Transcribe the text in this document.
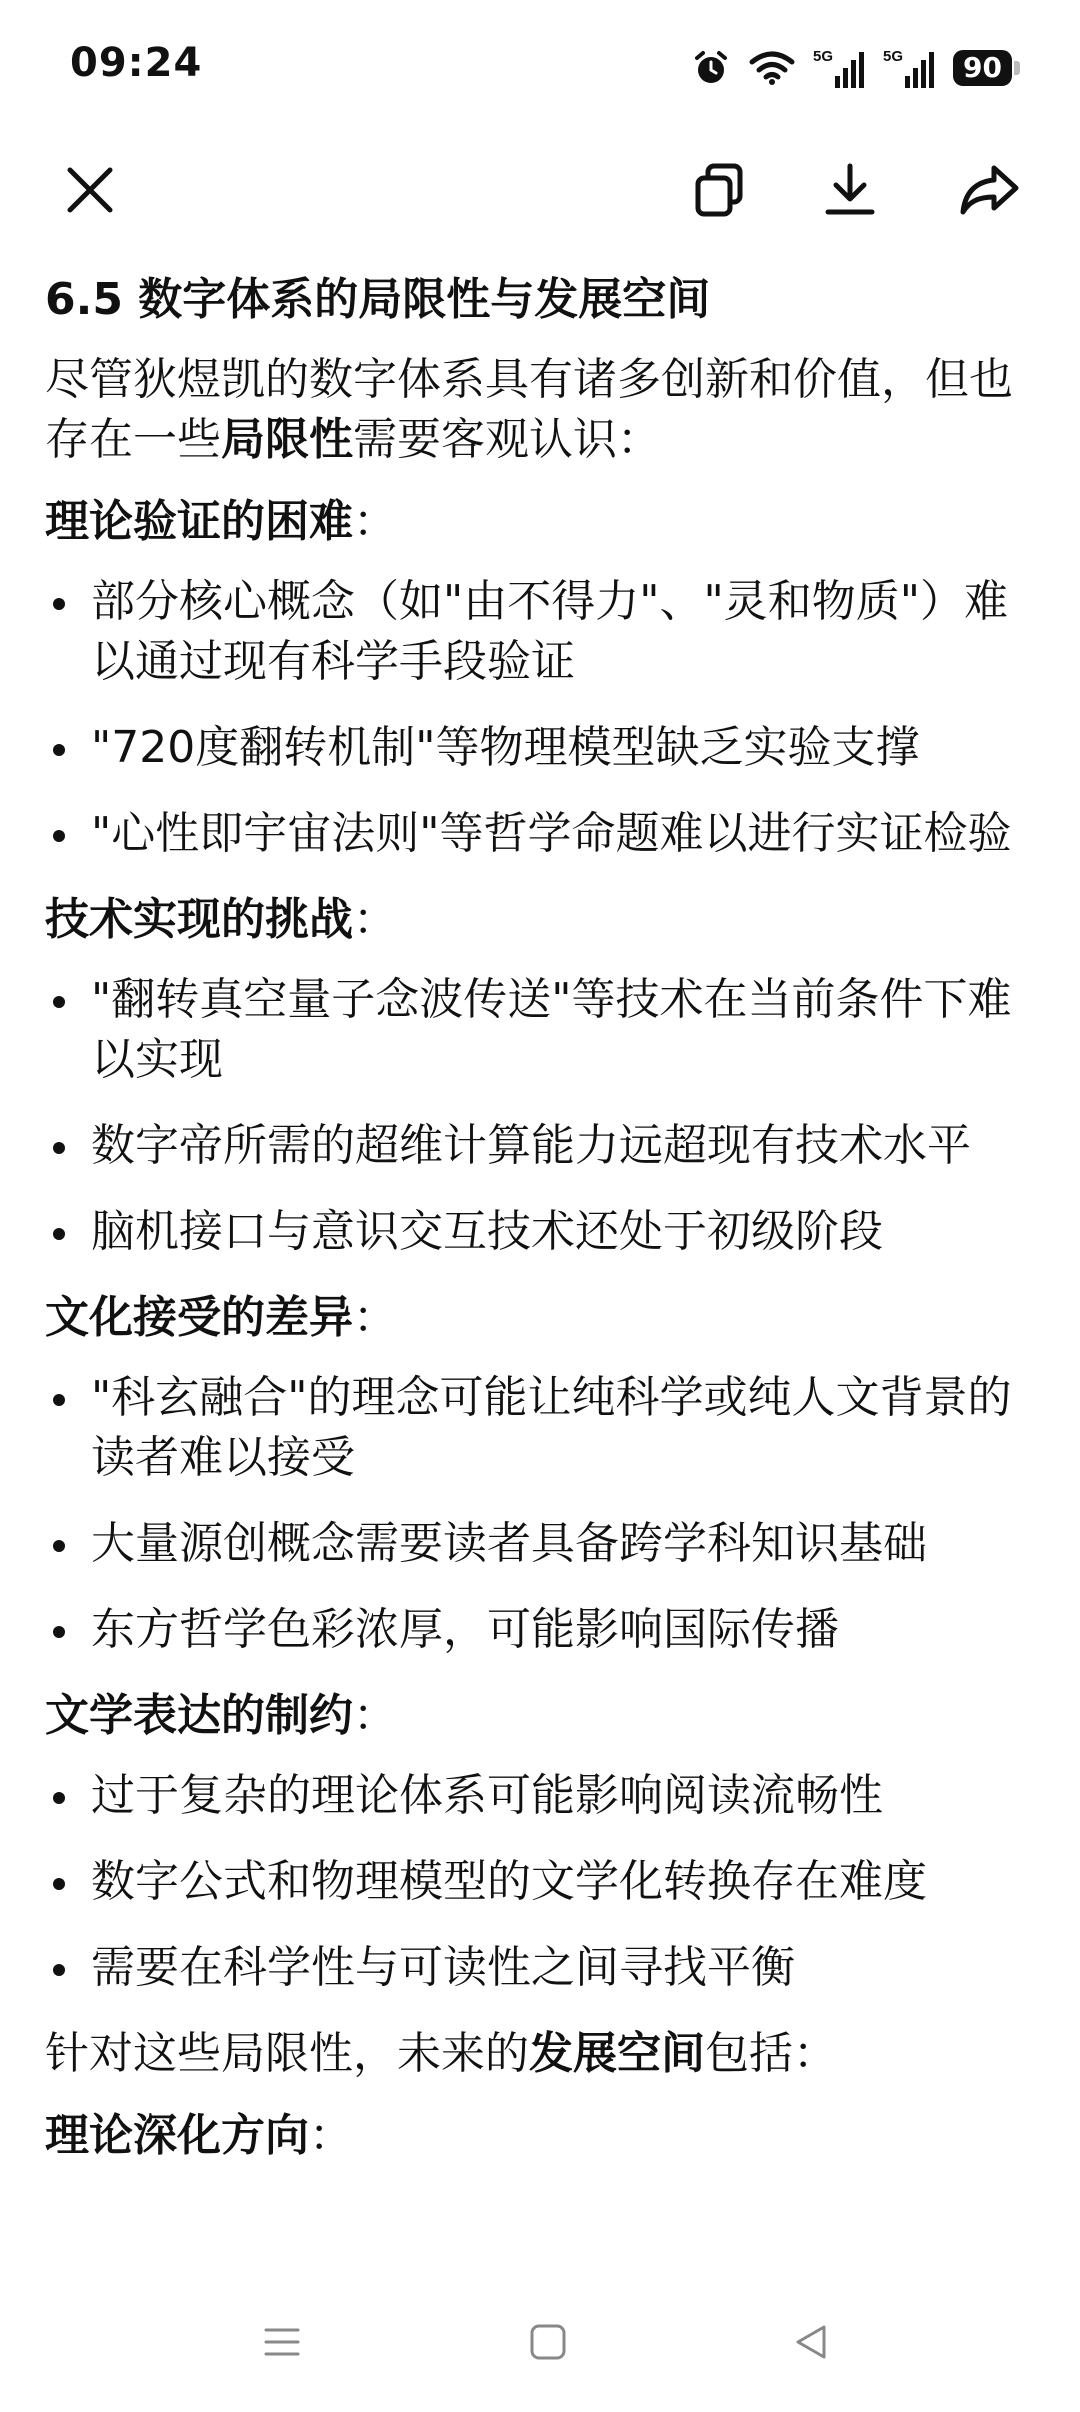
09:24	5G	5G	90
6.5 数字体系的局限性与发展空间
尽管狄煜凯的数字体系具有诸多创新和价值，但也存在一些局限性需要客观认识：
理论验证的困难：
部分核心概念（如"由不得力"、"灵和物质"）难以通过现有科学手段验证
"720度翻转机制"等物理模型缺乏实验支撑
"心性即宇宙法则"等哲学命题难以进行实证检验
技术实现的挑战：
"翻转真空量子念波传送"等技术在当前条件下难以实现
数字帝所需的超维计算能力远超现有技术水平
脑机接口与意识交互技术还处于初级阶段
文化接受的差异：
"科玄融合"的理念可能让纯科学或纯人文背景的读者难以接受
大量源创概念需要读者具备跨学科知识基础
东方哲学色彩浓厚，可能影响国际传播
文学表达的制约：
过于复杂的理论体系可能影响阅读流畅性
数字公式和物理模型的文学化转换存在难度
需要在科学性与可读性之间寻找平衡
针对这些局限性，未来的发展空间包括：
理论深化方向：
